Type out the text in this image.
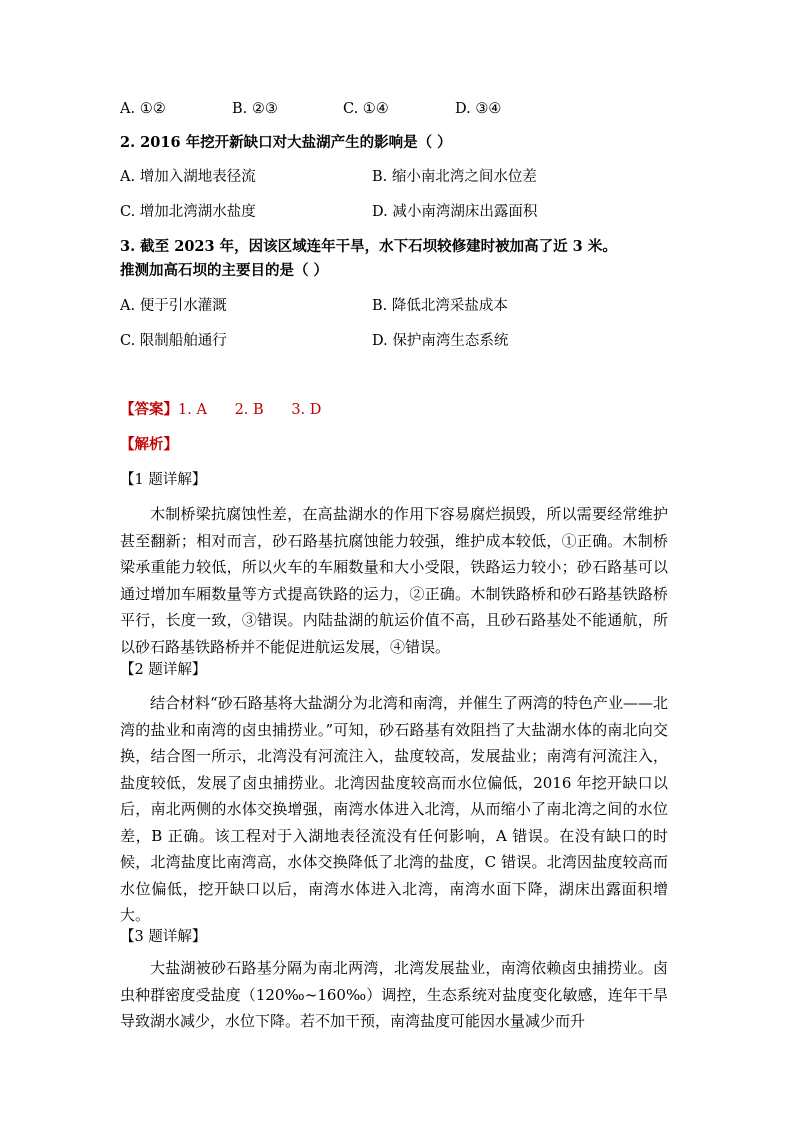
A. ①②	B. ②③	C. ①④	D. ③④
2. 2016 年挖开新缺口对大盐湖产生的影响是（ ）
A. 增加入湖地表径流	B. 缩小南北湾之间水位差
C. 增加北湾湖水盐度	D. 减小南湾湖床出露面积
3. 截至 2023 年，因该区域连年干旱，水下石坝较修建时被加高了近 3 米。
推测加高石坝的主要目的是（ ）
A. 便于引水灌溉	B. 降低北湾采盐成本
C. 限制船舶通行	D. 保护南湾生态系统
【答案】1. A      2. B      3. D
【解析】
【1 题详解】

木制桥梁抗腐蚀性差，在高盐湖水的作用下容易腐烂损毁，所以需要经常维护甚至翻新；相对而言，砂石路基抗腐蚀能力较强，维护成本较低，①正确。木制桥梁承重能力较低，所以火车的车厢数量和大小受限，铁路运力较小；砂石路基可以通过增加车厢数量等方式提高铁路的运力，②正确。木制铁路桥和砂石路基铁路桥平行，长度一致，③错误。内陆盐湖的航运价值不高，且砂石路基处不能通航，所以砂石路基铁路桥并不能促进航运发展，④错误。

【2 题详解】

结合材料“砂石路基将大盐湖分为北湾和南湾，并催生了两湾的特色产业——北湾的盐业和南湾的卤虫捕捞业。”可知，砂石路基有效阻挡了大盐湖水体的南北向交换，结合图一所示，北湾没有河流注入，盐度较高，发展盐业；南湾有河流注入，盐度较低，发展了卤虫捕捞业。北湾因盐度较高而水位偏低，2016 年挖开缺口以后，南北两侧的水体交换增强，南湾水体进入北湾，从而缩小了南北湾之间的水位差，B 正确。该工程对于入湖地表径流没有任何影响，A 错误。在没有缺口的时候，北湾盐度比南湾高，水体交换降低了北湾的盐度，C 错误。北湾因盐度较高而水位偏低，挖开缺口以后，南湾水体进入北湾，南湾水面下降，湖床出露面积增大。

【3 题详解】

大盐湖被砂石路基分隔为南北两湾，北湾发展盐业，南湾依赖卤虫捕捞业。卤虫种群密度受盐度（120‰~160‰）调控，生态系统对盐度变化敏感，连年干旱导致湖水减少，水位下降。若不加干预，南湾盐度可能因水量减少而升
